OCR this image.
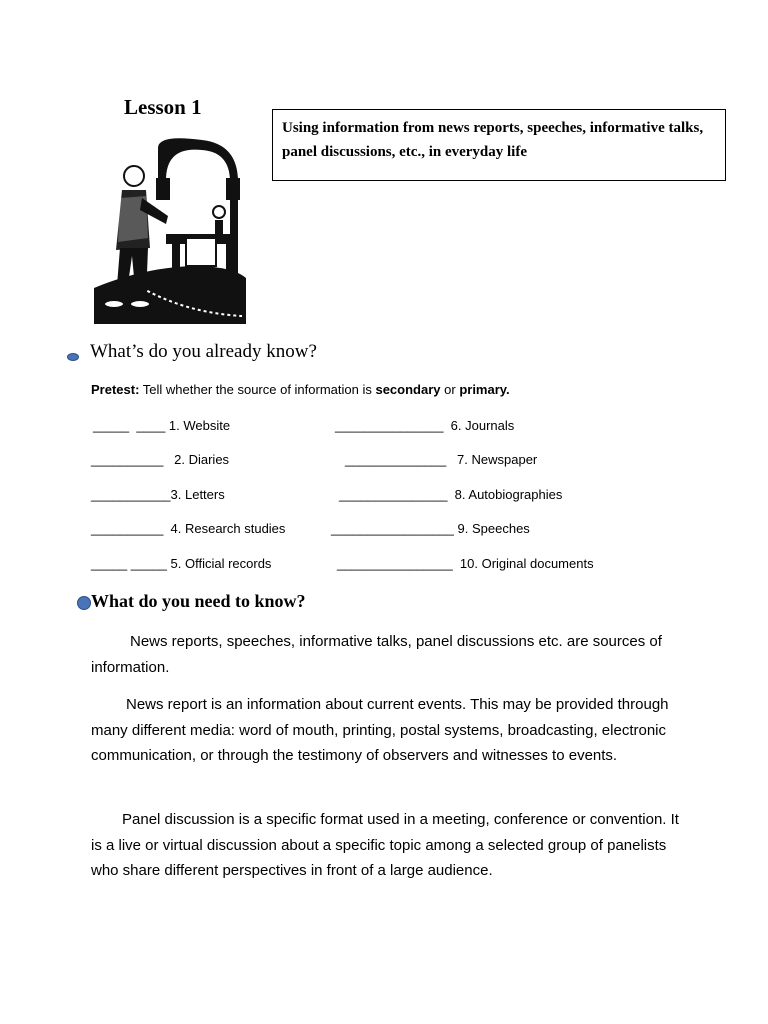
Lesson 1
Using information from news reports, speeches, informative talks, panel discussions, etc., in everyday life
What’s do you already know?
Pretest: Tell whether the source of information is secondary or primary.
_____  ____ 1. Website
__________   2. Diaries
___________3. Letters
__________  4. Research studies
_____ _____ 5. Official records
_______________  6. Journals
______________   7. Newspaper
_______________  8. Autobiographies
_________________ 9. Speeches
________________  10. Original documents
What do you need to know?
News reports, speeches, informative talks, panel discussions etc. are sources of information.
News report is an information about current events. This may be provided through many different media: word of mouth, printing, postal systems, broadcasting, electronic communication, or through the testimony of observers and witnesses to events.
Panel discussion is a specific format used in a meeting, conference or convention. It is a live or virtual discussion about a specific topic among a selected group of panelists who share different perspectives in front of a large audience.
